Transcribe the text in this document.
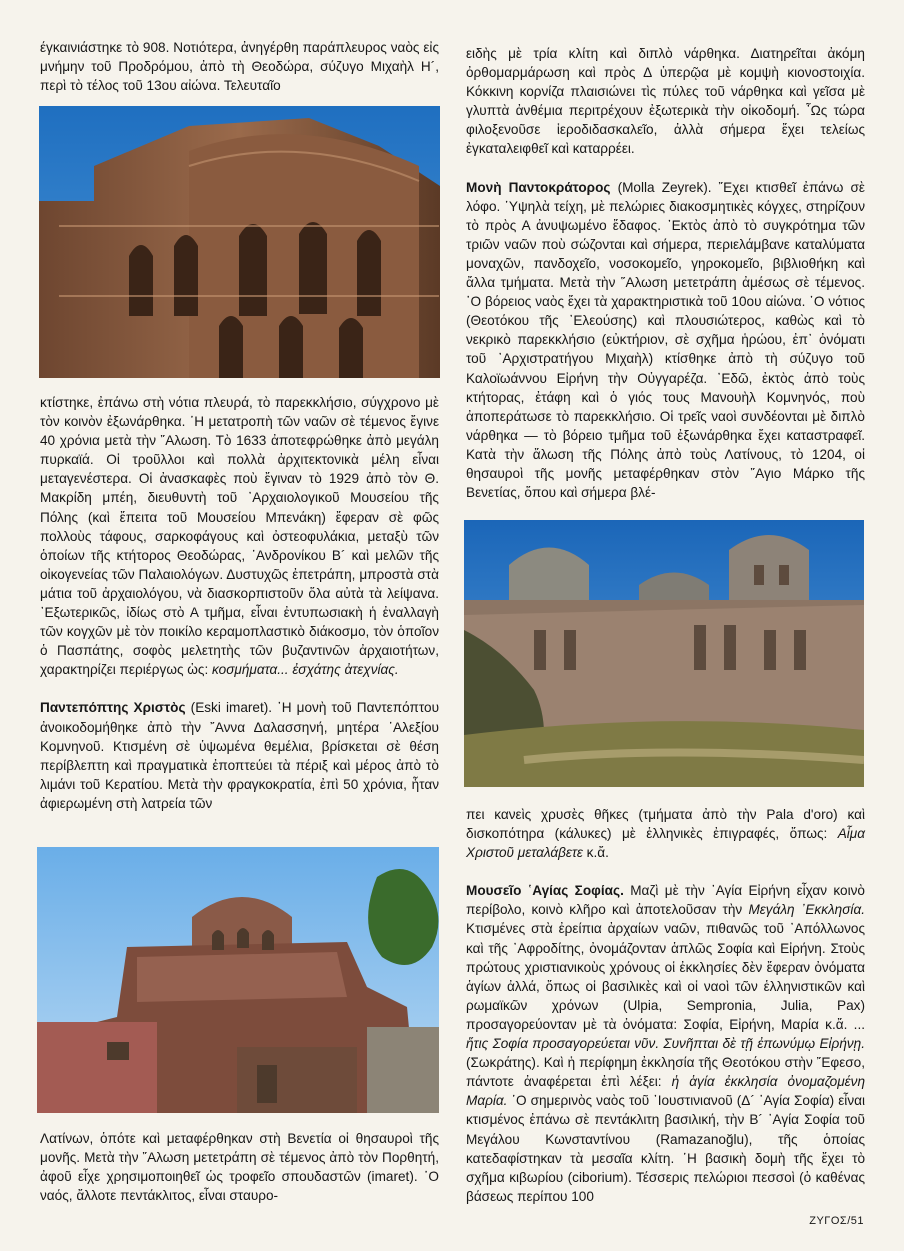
έγκαινιάστηκε τὸ 908. Νοτιότερα, ἀνηγέρθη παράπλευρος ναὸς εἰς μνήμην τοῦ Προδρόμου, ἀπὸ τὴ Θεοδώρα, σύζυγο Μιχαὴλ Η´, περὶ τὸ τέλος τοῦ 13ου αἰώνα. Τελευταῖο

κτίστηκε, ἐπάνω στὴ νότια πλευρά, τὸ παρεκκλήσιο, σύγχρονο μὲ τὸν κοινὸν ἐξωνάρθηκα. ῾Η μετατροπὴ τῶν ναῶν σὲ τέμενος ἔγινε 40 χρόνια μετὰ τὴν ῞Αλωση. Τὸ 1633 ἀποτεφρώθηκε ἀπὸ μεγάλη πυρκαϊά. Οἱ τροῦλλοι καὶ πολλὰ ἀρχιτεκτονικὰ μέλη εἶναι μεταγενέστερα. Οἱ ἀνασκαφὲς ποὺ ἔγιναν τὸ 1929 ἀπὸ τὸν Θ. Μακρίδη μπέη, διευθυντὴ τοῦ ᾿Αρχαιολογικοῦ Μουσείου τῆς Πόλης (καὶ ἔπειτα τοῦ Μουσείου Μπενάκη) ἔφεραν σὲ φῶς πολλοὺς τάφους, σαρκοφάγους καὶ ὀστεοφυλάκια, μεταξὺ τῶν ὁποίων τῆς κτήτορος Θεοδώρας, ᾿Ανδρονίκου Β´ καὶ μελῶν τῆς οἰκογενείας τῶν Παλαιολόγων. Δυστυχῶς ἐπετράπη, μπροστὰ στὰ μάτια τοῦ ἀρχαιολόγου, νὰ διασκορπιστοῦν ὅλα αὐτὰ τὰ λείψανα. ᾿Εξωτερικῶς, ἰδίως στὸ Α τμῆμα, εἶναι ἐντυπωσιακὴ ἡ ἐναλλαγὴ τῶν κογχῶν μὲ τὸν ποικίλο κεραμοπλαστικὸ διάκοσμο, τὸν ὁποῖον ὁ Πασπάτης, σοφὸς μελετητὴς τῶν βυζαντινῶν ἀρχαιοτήτων, χαρακτηρίζει περιέργως ὡς: κοσμήματα... ἐσχάτης ἀτεχνίας.

Παντεπόπτης Χριστὸς (Eski imaret). ῾Η μονὴ τοῦ Παντεπόπτου ἀνοικοδομήθηκε ἀπὸ τὴν ῎Αννα Δαλασσηνή, μητέρα ᾿Αλεξίου Κομνηνοῦ. Κτισμένη σὲ ὑψωμένα θεμέλια, βρίσκεται σὲ θέση περίβλεπτη καὶ πραγματικὰ ἐποπτεύει τὰ πέριξ καὶ μέρος ἀπὸ τὸ λιμάνι τοῦ Κερατίου. Μετὰ τὴν φραγκοκρατία, ἐπὶ 50 χρόνια, ἦταν ἀφιερωμένη στὴ λατρεία τῶν

Λατίνων, ὁπότε καὶ μεταφέρθηκαν στὴ Βενετία οἱ θησαυροὶ τῆς μονῆς. Μετὰ τὴν ῞Αλωση μετετράπη σὲ τέμενος ἀπὸ τὸν Πορθητή, ἀφοῦ εἶχε χρησιμοποιηθεῖ ὡς τροφεῖο σπουδαστῶν (imaret). ῾Ο ναός, ἄλλοτε πεντάκλιτος, εἶναι σταυρο-

ειδὴς μὲ τρία κλίτη καὶ διπλὸ νάρθηκα. Διατηρεῖται ἀκόμη ὀρθομαρμάρωση καὶ πρὸς Δ ὑπερῷα μὲ κομψὴ κιονοστοιχία. Κόκκινη κορνίζα πλαισιώνει τὶς πύλες τοῦ νάρθηκα καὶ γεῖσα μὲ γλυπτὰ ἀνθέμια περιτρέχουν ἐξωτερικὰ τὴν οἰκοδομή. ῟Ως τώρα φιλοξενοῦσε ἱεροδιδασκαλεῖο, ἀλλὰ σήμερα ἔχει τελείως ἐγκαταλειφθεῖ καὶ καταρρέει.

Μονὴ Παντοκράτορος (Molla Zeyrek). ῎Εχει κτισθεῖ ἐπάνω σὲ λόφο. ῾Υψηλὰ τείχη, μὲ πελώριες διακοσμητικὲς κόγχες, στηρίζουν τὸ πρὸς Α ἀνυψωμένο ἔδαφος. ᾿Εκτὸς ἀπὸ τὸ συγκρότημα τῶν τριῶν ναῶν ποὺ σώζονται καὶ σήμερα, περιελάμβανε καταλύματα μοναχῶν, πανδοχεῖο, νοσοκομεῖο, γηροκομεῖο, βιβλιοθήκη καὶ ἄλλα τμήματα. Μετὰ τὴν ῞Αλωση μετετράπη ἀμέσως σὲ τέμενος. ῾Ο βόρειος ναὸς ἔχει τὰ χαρακτηριστικὰ τοῦ 10ου αἰώνα. ῾Ο νότιος (Θεοτόκου τῆς ᾿Ελεούσης) καὶ πλουσιώτερος, καθὼς καὶ τὸ νεκρικὸ παρεκκλήσιο (εὐκτήριον, σὲ σχῆμα ἡρώου, ἐπ᾿ ὀνόματι τοῦ ᾿Αρχιστρατήγου Μιχαὴλ) κτίσθηκε ἀπὸ τὴ σύζυγο τοῦ Καλοϊωάννου Εἰρήνη τὴν Οὐγγαρέζα. ᾿Εδῶ, ἐκτὸς ἀπὸ τοὺς κτήτορας, ἐτάφη καὶ ὁ γιός τους Μανουὴλ Κομνηνός, ποὺ ἀποπεράτωσε τὸ παρεκκλήσιο. Οἱ τρεῖς ναοὶ συνδέονται μὲ διπλὸ νάρθηκα — τὸ βόρειο τμῆμα τοῦ ἐξωνάρθηκα ἔχει καταστραφεῖ. Κατὰ τὴν ἅλωση τῆς Πόλης ἀπὸ τοὺς Λατίνους, τὸ 1204, οἱ θησαυροὶ τῆς μονῆς μεταφέρθηκαν στὸν ῞Αγιο Μάρκο τῆς Βενετίας, ὅπου καὶ σήμερα βλέ-

πει κανεὶς χρυσὲς θῆκες (τμήματα ἀπὸ τὴν Pala d'oro) καὶ δισκοπότηρα (κάλυκες) μὲ ἑλληνικὲς ἐπιγραφές, ὅπως: Αἷμα Χριστοῦ μεταλάβετε κ.ἄ.

Μουσεῖο ῾Αγίας Σοφίας. Μαζὶ μὲ τὴν ῾Αγία Εἰρήνη εἶχαν κοινὸ περίβολο, κοινὸ κλῆρο καὶ ἀποτελοῦσαν τὴν Μεγάλη ᾿Εκκλησία. Κτισμένες στὰ ἐρείπια ἀρχαίων ναῶν, πιθανῶς τοῦ ᾿Απόλλωνος καὶ τῆς ᾿Αφροδίτης, ὀνομάζονταν ἁπλῶς Σοφία καὶ Εἰρήνη. Στοὺς πρώτους χριστιανικοὺς χρόνους οἱ ἐκκλησίες δὲν ἔφεραν ὀνόματα ἁγίων ἀλλά, ὅπως οἱ βασιλικὲς καὶ οἱ ναοὶ τῶν ἑλληνιστικῶν καὶ ρωμαϊκῶν χρόνων (Ulpia, Sempronia, Julia, Pax) προσαγορεύονταν μὲ τὰ ὀνόματα: Σοφία, Εἰρήνη, Μαρία κ.ἄ. ... ἥτις Σοφία προσαγορεύεται νῦν. Συνῆπται δὲ τῇ ἐπωνύμῳ Εἰρήνῃ. (Σωκράτης). Καὶ ἡ περίφημη ἐκκλησία τῆς Θεοτόκου στὴν ῎Εφεσο, πάντοτε ἀναφέρεται ἐπὶ λέξει: ἡ ἁγία ἐκκλησία ὀνομαζομένη Μαρία. ῾Ο σημερινὸς ναὸς τοῦ ᾿Ιουστινιανοῦ (Δ´ ῾Αγία Σοφία) εἶναι κτισμένος ἐπάνω σὲ πεντάκλιτη βασιλική, τὴν Β´ ῾Αγία Σοφία τοῦ Μεγάλου Κωνσταντίνου (Ramazanoğlu), τῆς ὁποίας κατεδαφίστηκαν τὰ μεσαῖα κλίτη. ῾Η βασικὴ δομὴ τῆς ἔχει τὸ σχῆμα κιβωρίου (ciborium). Τέσσερις πελώριοι πεσσοὶ (ὁ καθένας βάσεως περίπου 100

ΖΥΓΟΣ/51
